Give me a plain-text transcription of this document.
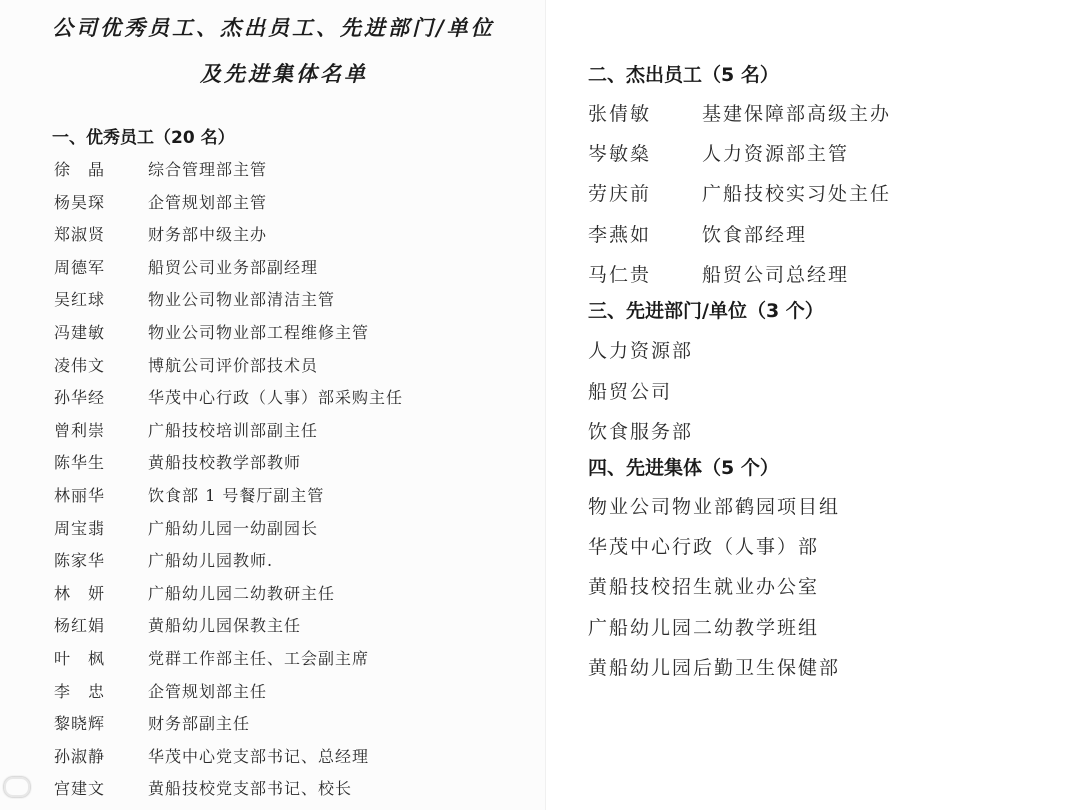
公司优秀员工、杰出员工、先进部门/单位
及先进集体名单
一、优秀员工（20 名）
徐　晶	综合管理部主管
杨昊琛	企管规划部主管
郑淑贤	财务部中级主办
周德军	船贸公司业务部副经理
吴红球	物业公司物业部清洁主管
冯建敏	物业公司物业部工程维修主管
凌伟文	博航公司评价部技术员
孙华经	华茂中心行政（人事）部采购主任
曾利崇	广船技校培训部副主任
陈华生	黄船技校教学部教师
林丽华	饮食部 1 号餐厅副主管
周宝翡	广船幼儿园一幼副园长
陈家华	广船幼儿园教师.
林　妍	广船幼儿园二幼教研主任
杨红娟	黄船幼儿园保教主任
叶　枫	党群工作部主任、工会副主席
李　忠	企管规划部主任
黎晓辉	财务部副主任
孙淑静	华茂中心党支部书记、总经理
宫建文	黄船技校党支部书记、校长
二、杰出员工（5 名）
张倩敏	基建保障部高级主办
岑敏燊	人力资源部主管
劳庆前	广船技校实习处主任
李燕如	饮食部经理
马仁贵	船贸公司总经理
三、先进部门/单位（3 个）
人力资源部
船贸公司
饮食服务部
四、先进集体（5 个）
物业公司物业部鹤园项目组
华茂中心行政（人事）部
黄船技校招生就业办公室
广船幼儿园二幼教学班组
黄船幼儿园后勤卫生保健部
